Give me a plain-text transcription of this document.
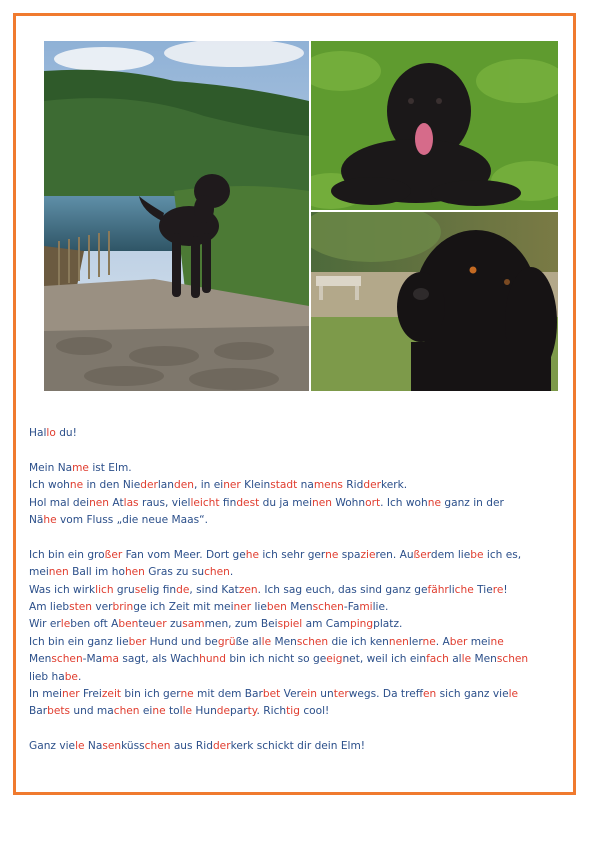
Hallo du!

Mein Name ist Elm.

Ich wohne in den Niederlanden, in einer Kleinstadt namens Ridderkerk.

Hol mal deinen Atlas raus, vielleicht findest du ja meinen Wohnort. Ich wohne ganz in der

Nähe vom Fluss „die neue Maas“.

Ich bin ein großer Fan vom Meer. Dort gehe ich sehr gerne spazieren. Außerdem liebe ich es,

meinen Ball im hohen Gras zu suchen.

Was ich wirklich gruselig finde, sind Katzen. Ich sag euch, das sind ganz gefährliche Tiere!

Am liebsten verbringe ich Zeit mit meiner lieben Menschen-Familie.

Wir erleben oft Abenteuer zusammen, zum Beispiel am Campingplatz.

Ich bin ein ganz lieber Hund und begrüße alle Menschen die ich kennenlerne. Aber meine

Menschen-Mama sagt, als Wachhund bin ich nicht so geeignet, weil ich einfach alle Menschen

lieb habe.

In meiner Freizeit bin ich gerne mit dem Barbet Verein unterwegs. Da treffen sich ganz viele

Barbets und machen eine tolle Hundeparty. Richtig cool!

Ganz viele Nasenküsschen aus Ridderkerk schickt dir dein Elm!
